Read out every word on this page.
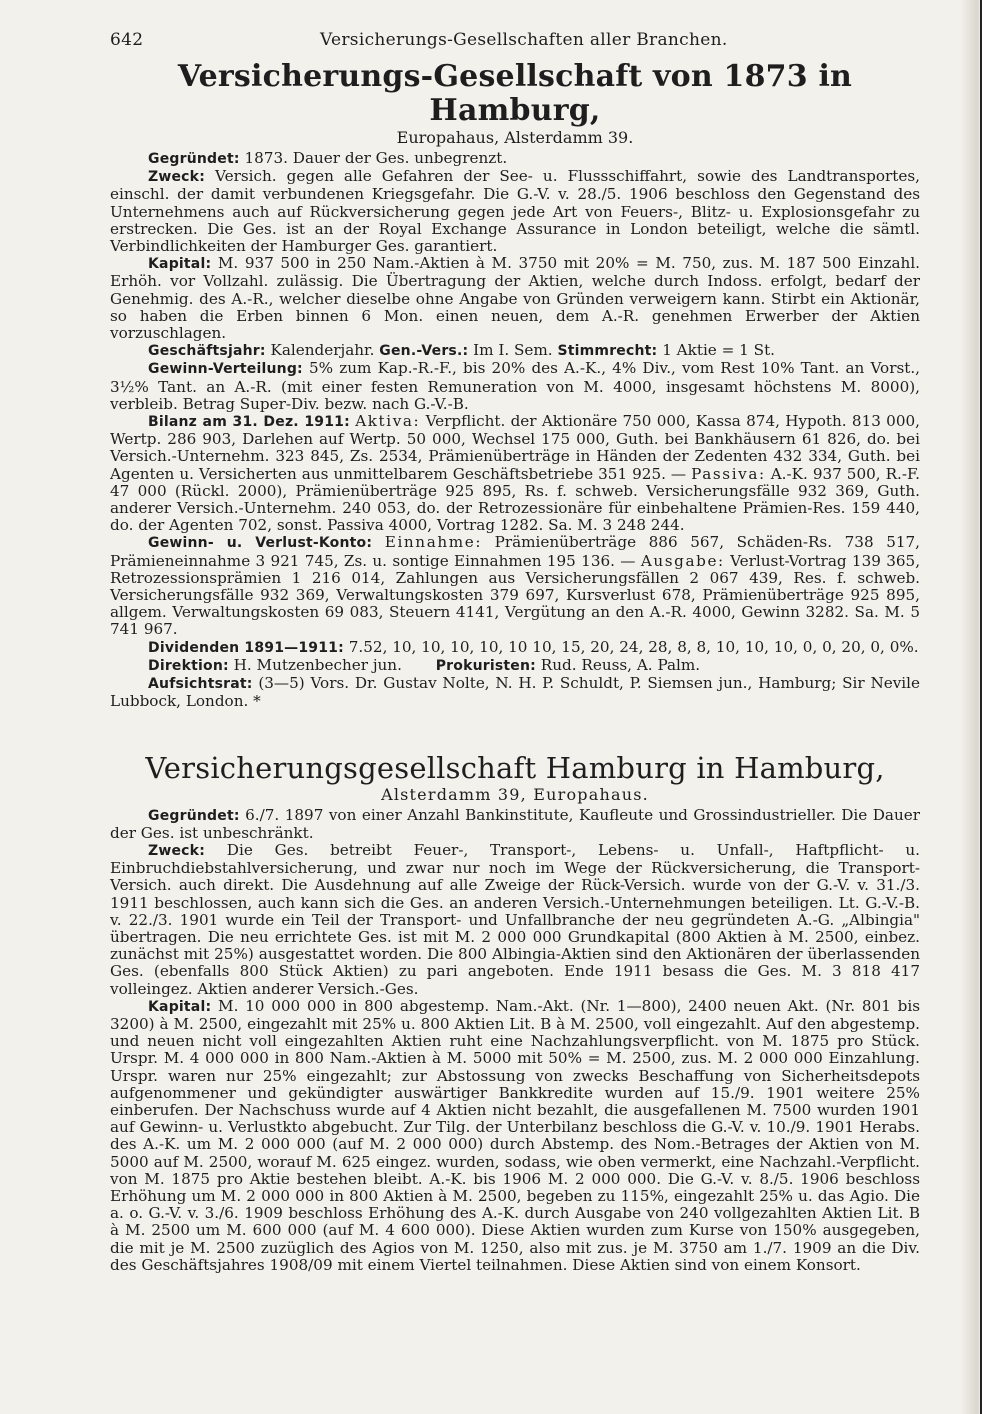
642	Versicherungs-Gesellschaften aller Branchen.
Versicherungs-Gesellschaft von 1873 in Hamburg,
Europahaus, Alsterdamm 39.

Gegründet: 1873. Dauer der Ges. unbegrenzt.

Zweck: Versich. gegen alle Gefahren der See- u. Flussschiffahrt, sowie des Landtransportes, einschl. der damit verbundenen Kriegsgefahr. Die G.-V. v. 28./5. 1906 beschloss den Gegenstand des Unternehmens auch auf Rückversicherung gegen jede Art von Feuers-, Blitz- u. Explosionsgefahr zu erstrecken. Die Ges. ist an der Royal Exchange Assurance in London beteiligt, welche die sämtl. Verbindlichkeiten der Hamburger Ges. garantiert.

Kapital: M. 937 500 in 250 Nam.-Aktien à M. 3750 mit 20% = M. 750, zus. M. 187 500 Einzahl. Erhöh. vor Vollzahl. zulässig. Die Übertragung der Aktien, welche durch Indoss. erfolgt, bedarf der Genehmig. des A.-R., welcher dieselbe ohne Angabe von Gründen verweigern kann. Stirbt ein Aktionär, so haben die Erben binnen 6 Mon. einen neuen, dem A.-R. genehmen Erwerber der Aktien vorzuschlagen.

Geschäftsjahr: Kalenderjahr. Gen.-Vers.: Im I. Sem. Stimmrecht: 1 Aktie = 1 St.

Gewinn-Verteilung: 5% zum Kap.-R.-F., bis 20% des A.-K., 4% Div., vom Rest 10% Tant. an Vorst., 3½% Tant. an A.-R. (mit einer festen Remuneration von M. 4000, insgesamt höchstens M. 8000), verbleib. Betrag Super-Div. bezw. nach G.-V.-B.

Bilanz am 31. Dez. 1911: Aktiva: Verpflicht. der Aktionäre 750 000, Kassa 874, Hypoth. 813 000, Wertp. 286 903, Darlehen auf Wertp. 50 000, Wechsel 175 000, Guth. bei Bankhäusern 61 826, do. bei Versich.-Unternehm. 323 845, Zs. 2534, Prämienüberträge in Händen der Zedenten 432 334, Guth. bei Agenten u. Versicherten aus unmittelbarem Geschäftsbetriebe 351 925. — Passiva: A.-K. 937 500, R.-F. 47 000 (Rückl. 2000), Prämienüberträge 925 895, Rs. f. schweb. Versicherungsfälle 932 369, Guth. anderer Versich.-Unternehm. 240 053, do. der Retrozessionäre für einbehaltene Prämien-Res. 159 440, do. der Agenten 702, sonst. Passiva 4000, Vortrag 1282. Sa. M. 3 248 244.

Gewinn- u. Verlust-Konto: Einnahme: Prämienüberträge 886 567, Schäden-Rs. 738 517, Prämieneinnahme 3 921 745, Zs. u. sontige Einnahmen 195 136. — Ausgabe: Verlust-Vortrag 139 365, Retrozessionsprämien 1 216 014, Zahlungen aus Versicherungsfällen 2 067 439, Res. f. schweb. Versicherungsfälle 932 369, Verwaltungskosten 379 697, Kursverlust 678, Prämienüberträge 925 895, allgem. Verwaltungskosten 69 083, Steuern 4141, Vergütung an den A.-R. 4000, Gewinn 3282. Sa. M. 5 741 967.

Dividenden 1891—1911: 7.52, 10, 10, 10, 10, 10 10, 15, 20, 24, 28, 8, 8, 10, 10, 10, 0, 0, 20, 0, 0%.

Direktion: H. Mutzenbecher jun. Prokuristen: Rud. Reuss, A. Palm.

Aufsichtsrat: (3—5) Vors. Dr. Gustav Nolte, N. H. P. Schuldt, P. Siemsen jun., Hamburg; Sir Nevile Lubbock, London. *

Versicherungsgesellschaft Hamburg in Hamburg,
Alsterdamm 39, Europahaus.

Gegründet: 6./7. 1897 von einer Anzahl Bankinstitute, Kaufleute und Grossindustrieller. Die Dauer der Ges. ist unbeschränkt.

Zweck: Die Ges. betreibt Feuer-, Transport-, Lebens- u. Unfall-, Haftpflicht- u. Einbruchdiebstahlversicherung, und zwar nur noch im Wege der Rückversicherung, die Transport-Versich. auch direkt. Die Ausdehnung auf alle Zweige der Rück-Versich. wurde von der G.-V. v. 31./3. 1911 beschlossen, auch kann sich die Ges. an anderen Versich.-Unternehmungen beteiligen. Lt. G.-V.-B. v. 22./3. 1901 wurde ein Teil der Transport- und Unfallbranche der neu gegründeten A.-G. „Albingia" übertragen. Die neu errichtete Ges. ist mit M. 2 000 000 Grundkapital (800 Aktien à M. 2500, einbez. zunächst mit 25%) ausgestattet worden. Die 800 Albingia-Aktien sind den Aktionären der überlassenden Ges. (ebenfalls 800 Stück Aktien) zu pari angeboten. Ende 1911 besass die Ges. M. 3 818 417 volleingez. Aktien anderer Versich.-Ges.

Kapital: M. 10 000 000 in 800 abgestemp. Nam.-Akt. (Nr. 1—800), 2400 neuen Akt. (Nr. 801 bis 3200) à M. 2500, eingezahlt mit 25% u. 800 Aktien Lit. B à M. 2500, voll eingezahlt. Auf den abgestemp. und neuen nicht voll eingezahlten Aktien ruht eine Nachzahlungsverpflicht. von M. 1875 pro Stück. Urspr. M. 4 000 000 in 800 Nam.-Aktien à M. 5000 mit 50% = M. 2500, zus. M. 2 000 000 Einzahlung. Urspr. waren nur 25% eingezahlt; zur Abstossung von zwecks Beschaffung von Sicherheitsdepots aufgenommener und gekündigter auswärtiger Bankkredite wurden auf 15./9. 1901 weitere 25% einberufen. Der Nachschuss wurde auf 4 Aktien nicht bezahlt, die ausgefallenen M. 7500 wurden 1901 auf Gewinn- u. Verlustkto abgebucht. Zur Tilg. der Unterbilanz beschloss die G.-V. v. 10./9. 1901 Herabs. des A.-K. um M. 2 000 000 (auf M. 2 000 000) durch Abstemp. des Nom.-Betrages der Aktien von M. 5000 auf M. 2500, worauf M. 625 eingez. wurden, sodass, wie oben vermerkt, eine Nachzahl.-Verpflicht. von M. 1875 pro Aktie bestehen bleibt. A.-K. bis 1906 M. 2 000 000. Die G.-V. v. 8./5. 1906 beschloss Erhöhung um M. 2 000 000 in 800 Aktien à M. 2500, begeben zu 115%, eingezahlt 25% u. das Agio. Die a. o. G.-V. v. 3./6. 1909 beschloss Erhöhung des A.-K. durch Ausgabe von 240 vollgezahlten Aktien Lit. B à M. 2500 um M. 600 000 (auf M. 4 600 000). Diese Aktien wurden zum Kurse von 150% ausgegeben, die mit je M. 2500 zuzüglich des Agios von M. 1250, also mit zus. je M. 3750 am 1./7. 1909 an die Div. des Geschäftsjahres 1908/09 mit einem Viertel teilnahmen. Diese Aktien sind von einem Konsort.
